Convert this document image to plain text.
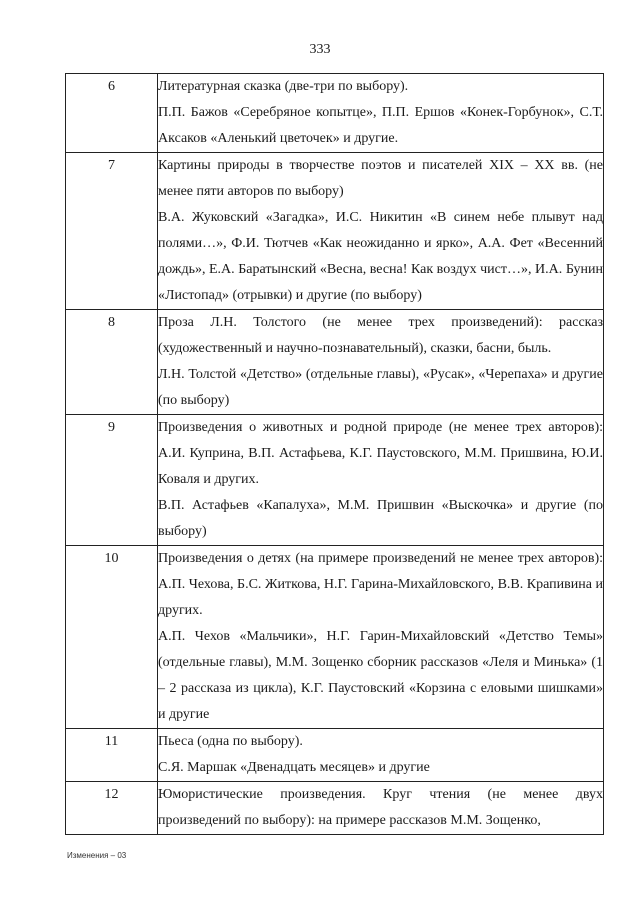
333
6	Литературная сказка (две-три по выбору).
П.П. Бажов «Серебряное копытце», П.П. Ершов «Конек-Горбунок», С.Т. Аксаков «Аленький цветочек» и другие.

7	Картины природы в творчестве поэтов и писателей XIX – XX вв. (не менее пяти авторов по выбору)
В.А. Жуковский «Загадка», И.С. Никитин «В синем небе плывут над полями…», Ф.И. Тютчев «Как неожиданно и ярко», А.А. Фет «Весенний дождь», Е.А. Баратынский «Весна, весна! Как воздух чист…», И.А. Бунин «Листопад» (отрывки) и другие (по выбору)

8	Проза Л.Н. Толстого (не менее трех произведений): рассказ (художественный и научно-познавательный), сказки, басни, быль.
Л.Н. Толстой «Детство» (отдельные главы), «Русак», «Черепаха» и другие (по выбору)

9	Произведения о животных и родной природе (не менее трех авторов): А.И. Куприна, В.П. Астафьева, К.Г. Паустовского, М.М. Пришвина, Ю.И. Коваля и других.
В.П. Астафьев «Капалуха», М.М. Пришвин «Выскочка» и другие (по выбору)

10	Произведения о детях (на примере произведений не менее трех авторов): А.П. Чехова, Б.С. Житкова, Н.Г. Гарина-Михайловского, В.В. Крапивина и других.
А.П. Чехов «Мальчики», Н.Г. Гарин-Михайловский «Детство Темы» (отдельные главы), М.М. Зощенко сборник рассказов «Леля и Минька» (1 – 2 рассказа из цикла), К.Г. Паустовский «Корзина с еловыми шишками» и другие

11	Пьеса (одна по выбору).
С.Я. Маршак «Двенадцать месяцев» и другие

12	Юмористические произведения. Круг чтения (не менее двух произведений по выбору): на примере рассказов М.М. Зощенко,
Изменения – 03
